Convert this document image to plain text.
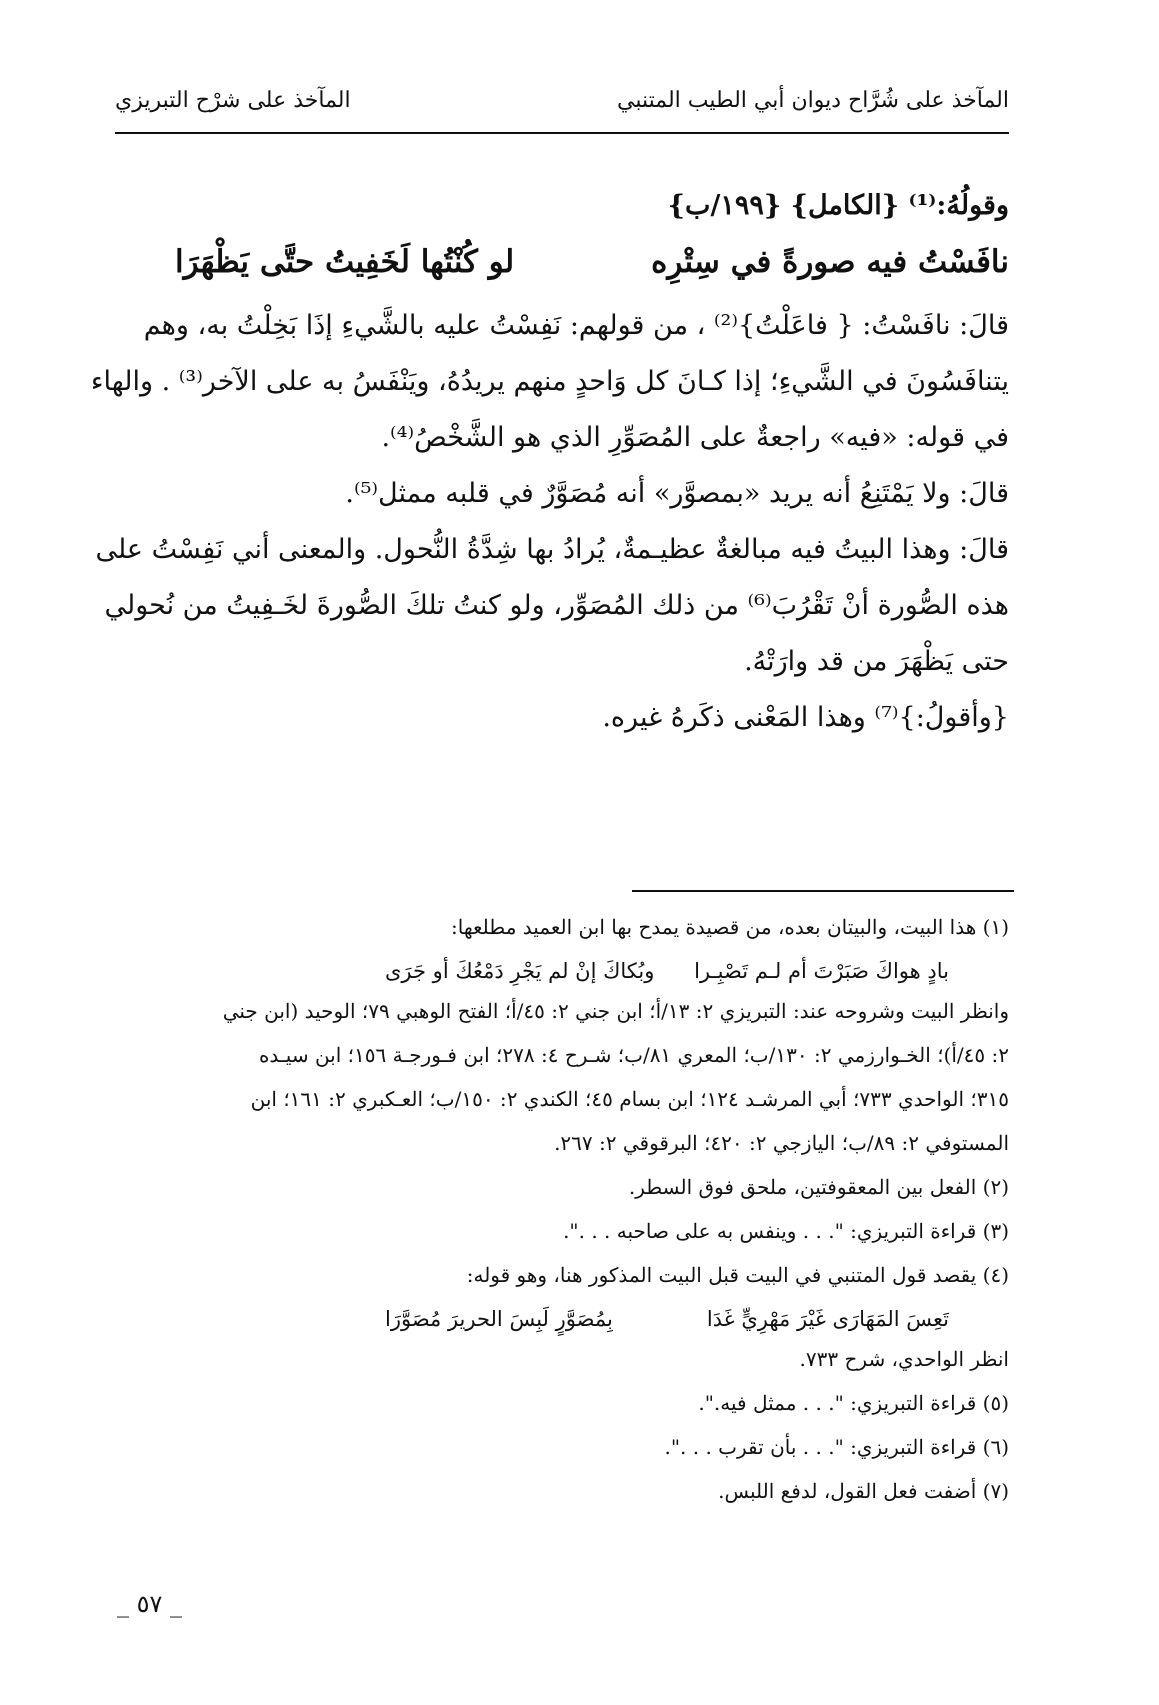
المآخذ على شُرَّاح ديوان أبي الطيب المتنبي
المآخذ على شرْح التبريزي
وقولُهُ:⁽¹⁾ {الكامل} {١٩٩/ب}
نافَسْتُ فيه صورةً في سِتْرِه
لو كُنْتُها لَخَفِيتُ حتَّى يَظْهَرَا
قالَ: نافَسْتُ: { فاعَلْتُ}⁽²⁾ ، من قولهم: نَفِسْتُ عليه بالشَّيءِ إذَا بَخِلْتُ به، وهم
يتنافَسُونَ في الشَّيءِ؛ إذا كـانَ كل وَاحدٍ منهم يريدُهُ، ويَنْفَسُ به على الآخر⁽³⁾ . والهاء
في قوله: «فيه» راجعةٌ على المُصَوِّرِ الذي هو الشَّخْصُ⁽⁴⁾.
قالَ: ولا يَمْتَنِعُ أنه يريد «بمصوَّر» أنه مُصَوَّرٌ في قلبه ممثل⁽⁵⁾.
قالَ: وهذا البيتُ فيه مبالغةٌ عظيـمةٌ، يُرادُ بها شِدَّةُ النُّحول. والمعنى أني نَفِسْتُ على
هذه الصُّورة أنْ تَقْرُبَ⁽⁶⁾ من ذلك المُصَوِّر، ولو كنتُ تلكَ الصُّورةَ لخَـفِيتُ من نُحولي
حتى يَظْهَرَ من قد وارَتْهُ.
{وأقولُ:}⁽⁷⁾ وهذا المَعْنى ذكَرهُ غيره.
(١) هذا البيت، والبيتان بعده، من قصيدة يمدح بها ابن العميد مطلعها:
بادٍ هواكَ صَبَرْتَ أم لـم تَصْبِـرا
وبُكاكَ إنْ لم يَجْرِ دَمْعُكَ أو جَرَى
وانظر البيت وشروحه عند: التبريزي ٢: ١٣/أ؛ ابن جني ٢: ٤٥/أ؛ الفتح الوهبي ٧٩؛ الوحيد (ابن جني
٢: ٤٥/أ)؛ الخـوارزمي ٢: ١٣٠/ب؛ المعري ٨١/ب؛ شـرح ٤: ٢٧٨؛ ابن فـورجـة ١٥٦؛ ابن سيـده
٣١٥؛ الواحدي ٧٣٣؛ أبي المرشـد ١٢٤؛ ابن بسام ٤٥؛ الكندي ٢: ١٥٠/ب؛ العـكبري ٢: ١٦١؛ ابن
المستوفي ٢: ٨٩/ب؛ اليازجي ٢: ٤٢٠؛ البرقوقي ٢: ٢٦٧.
(٢) الفعل بين المعقوفتين، ملحق فوق السطر.
(٣) قراءة التبريزي: ". . . وينفس به على صاحبه . . .".
(٤) يقصد قول المتنبي في البيت قبل البيت المذكور هنا، وهو قوله:
تَعِسَ المَهَارَى غَيْرَ مَهْرِيٍّ غَدَا
بِمُصَوَّرٍ لَبِسَ الحريرَ مُصَوَّرَا
انظر الواحدي، شرح ٧٣٣.
(٥) قراءة التبريزي: ". . . ممثل فيه.".
(٦) قراءة التبريزي: ". . . بأن تقرب . . .".
(٧) أضفت فعل القول، لدفع اللبس.
_ ٥٧ _
